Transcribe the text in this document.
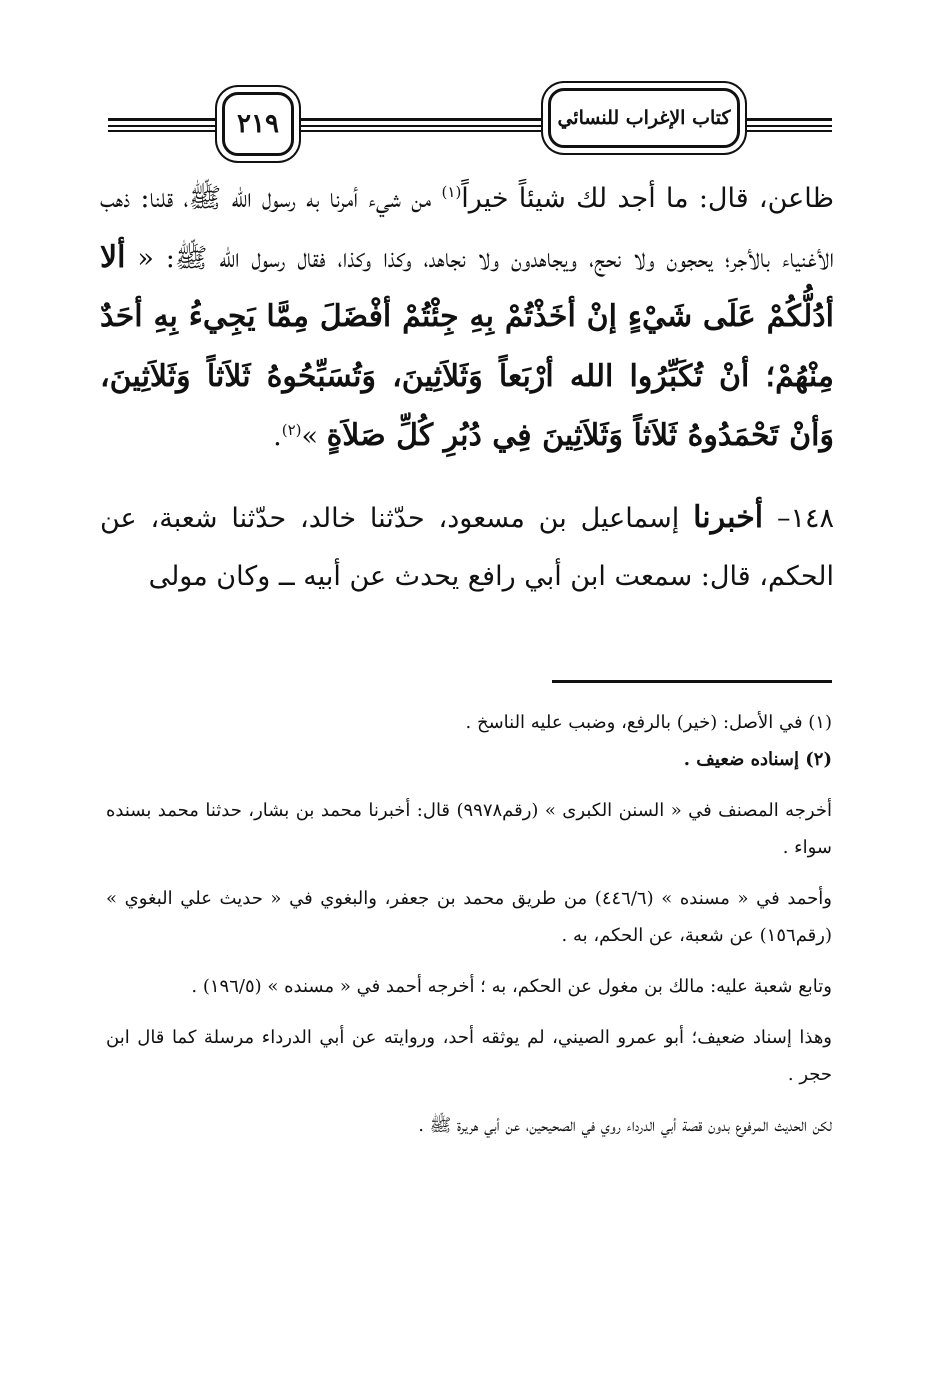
٢١٩	كتاب الإغراب للنسائي

ظاعن، قال: ما أجد لك شيئاً خيراً$^{(١)}$ من شيء أمرنا به رسول الله ﷺ، قلنا: ذهب الأغنياء بالأجر؛ يحجون ولا نحج، ويجاهدون ولا نجاهد، وكذا وكذا، فقال رسول الله ﷺ: « ألا أدُلُّكُمْ عَلَى شَيْءٍ إنْ أخَذْتُمْ بِهِ جِئْتُمْ أفْضَلَ مِمَّا يَجِيءُ بِهِ أحَدٌ مِنْهُمْ؛ أنْ تُكَبِّرُوا الله أرْبَعاً وَثَلاَثِينَ، وَتُسَبِّحُوهُ ثَلاَثاً وَثَلاَثِينَ، وَأنْ تَحْمَدُوهُ ثَلاَثاً وَثَلاَثِينَ فِي دُبُرِ كُلِّ صَلاَةٍ »$^{(٢)}$.

١٤٨– أخبرنا إسماعيل بن مسعود، حدّثنا خالد، حدّثنا شعبة، عن الحكم، قال: سمعت ابن أبي رافع يحدث عن أبيه ــ وكان مولى

(١) في الأصل: (خير) بالرفع، وضبب عليه الناسخ .

(٢) إسناده ضعيف .

أخرجه المصنف في « السنن الكبرى » (رقم٩٩٧٨) قال: أخبرنا محمد بن بشار، حدثنا محمد بسنده سواء .

وأحمد في « مسنده » (٤٤٦/٦) من طريق محمد بن جعفر، والبغوي في « حديث علي البغوي » (رقم١٥٦) عن شعبة، عن الحكم، به .

وتابع شعبة عليه: مالك بن مغول عن الحكم، به ؛ أخرجه أحمد في « مسنده » (١٩٦/٥) .

وهذا إسناد ضعيف؛ أبو عمرو الصيني، لم يوثقه أحد، وروايته عن أبي الدرداء مرسلة كما قال ابن حجر .

لكن الحديث المرفوع بدون قصة أبي الدرداء روي في الصحيحين، عن أبي هريرة ﷺ .
